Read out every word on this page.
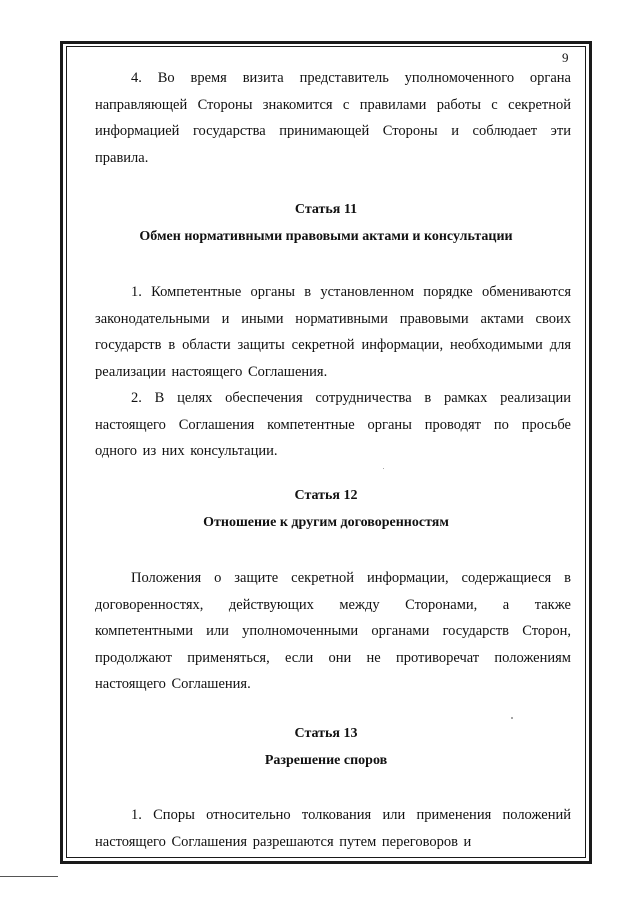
9

4. Во время визита представитель уполномоченного органа направляющей Стороны знакомится с правилами работы с секретной информацией государства принимающей Стороны и соблюдает эти правила.

Статья 11

Обмен нормативными правовыми актами и консультации

1. Компетентные органы в установленном порядке обмениваются законодательными и иными нормативными правовыми актами своих государств в области защиты секретной информации, необходимыми для реализации настоящего Соглашения.

2. В целях обеспечения сотрудничества в рамках реализации настоящего Соглашения компетентные органы проводят по просьбе одного из них консультации.

Статья 12

Отношение к другим договоренностям

Положения о защите секретной информации, содержащиеся в договоренностях, действующих между Сторонами, а также компетентными или уполномоченными органами государств Сторон, продолжают применяться, если они не противоречат положениям настоящего Соглашения.

Статья 13

Разрешение споров

1. Споры относительно толкования или применения положений настоящего Соглашения разрешаются путем переговоров и
